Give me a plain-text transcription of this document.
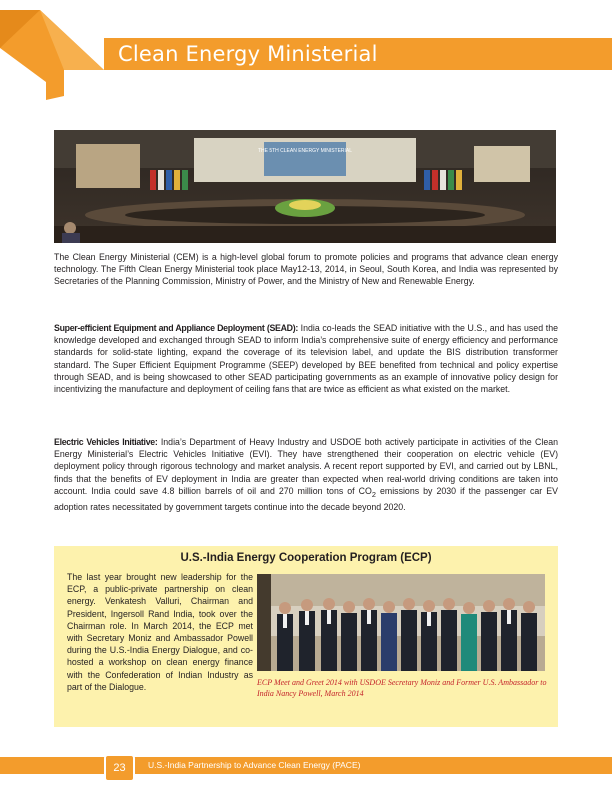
Clean Energy Ministerial
THE 5TH CLEAN ENERGY MINISTERIAL

The Clean Energy Ministerial (CEM) is a high-level global forum to promote policies and programs that advance clean energy technology. The Fifth Clean Energy Ministerial took place May12-13, 2014, in Seoul, South Korea, and India was represented by Secretaries of the Planning Commission, Ministry of Power, and the Ministry of New and Renewable Energy.

Super-efficient Equipment and Appliance Deployment (SEAD): India co-leads the SEAD initiative with the U.S., and has used the knowledge developed and exchanged through SEAD to inform India’s comprehensive suite of energy efficiency and performance standards for solid-state lighting, expand the coverage of its television label, and update the BIS distribution transformer standard. The Super Efficient Equipment Programme (SEEP) developed by BEE benefited from technical and policy expertise through SEAD, and is being showcased to other SEAD participating governments as an example of innovative policy design for incentivizing the manufacture and deployment of ceiling fans that are twice as efficient as what existed on the market.

Electric Vehicles Initiative: India’s Department of Heavy Industry and USDOE both actively participate in activities of the Clean Energy Ministerial’s Electric Vehicles Initiative (EVI). They have strengthened their cooperation on electric vehicle (EV) deployment policy through rigorous technology and market analysis. A recent report supported by EVI, and carried out by LBNL, finds that the benefits of EV deployment in India are greater than expected when real-world driving conditions are taken into account. India could save 4.8 billion barrels of oil and 270 million tons of $CO_2$ emissions by 2030 if the passenger car EV adoption rates necessitated by government targets continue into the decade beyond 2020.

U.S.-India Energy Cooperation Program (ECP)

The last year brought new leadership for the ECP, a public-private partnership on clean energy. Venkatesh Valluri, Chairman and President, Ingersoll Rand India, took over the Chairman role. In March 2014, the ECP met with Secretary Moniz and Ambassador Powell during the U.S.-India Energy Dialogue, and co-hosted a workshop on clean energy finance with the Confederation of Indian Industry as part of the Dialogue.	ECP Meet and Greet 2014 with USDOE Secretary Moniz and Former U.S. Ambassador to India Nancy Powell, March 2014

23	U.S.-India Partnership to Advance Clean Energy (PACE)
